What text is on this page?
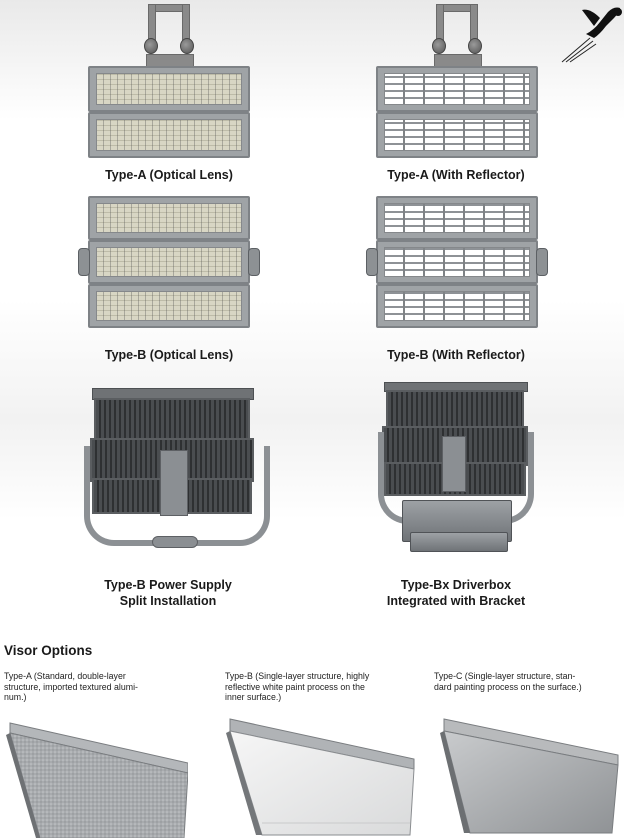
Type-A (Optical Lens)	Type-A (With Reflector)
Type-B (Optical Lens)	Type-B (With Reflector)
Type-B Power Supply
Split Installation
Type-Bx Driverbox
Integrated with Bracket
Visor Options
Type-A (Standard, double-layer
structure, imported textured alumi-
num.)
Type-B (Single-layer structure, highly
reflective white paint process on the
inner surface.)
Type-C (Single-layer structure, stan-
dard painting process on the surface.)
